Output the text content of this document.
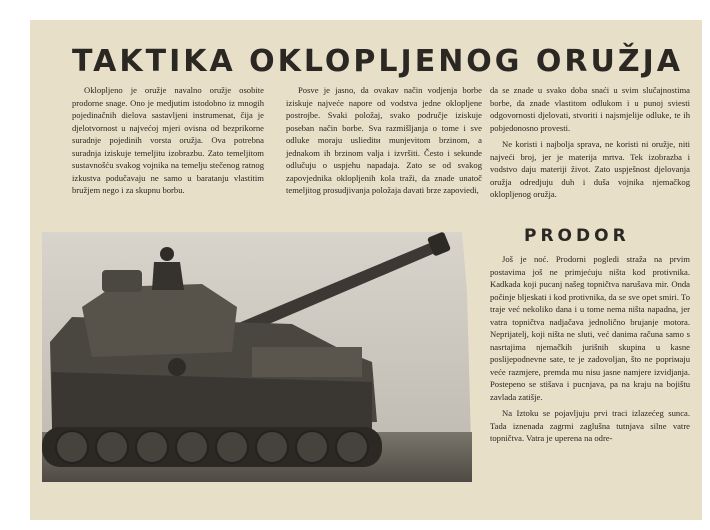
TAKTIKA OKLOPLJENOG ORUŽJA

Oklopljeno je oružje navalno oružje osobite prodorne snage. Ono je medjutim istodobno iz mnogih pojedinačnih dielova sastavljeni instrumenat, čija je djelotvornost u najvećoj mjeri ovisna od bezprikorne suradnje pojedinih vorsta oružja. Ova potrebna suradnja iziskuje temeljitu izobrazbu. Zato temeljitom sustavnošću svakog vojnika na temelju stečenog ratnog izkustva podučavaju ne samo u baratanju vlastitim bružjem nego i za skupnu borbu.

Posve je jasno, da ovakav način vodjenja borbe iziskuje najveće napore od vodstva jedne oklopljene postrojbe. Svaki položaj, svako područje iziskuje poseban način borbe. Sva razmišljanja o tome i sve odluke moraju uslieditи munjevitom brzinom, a jednakom ih brzinom valja i izvršiti. Često i sekunde odlučuju o uspjehu napadaja. Zato se od svakog zapovjednika oklopljenih kola traži, da znade unatoč temeljitog prosudjivanja položaja davati brze zapoviedi,

da se znade u svako doba snaći u svim slučajnostima borbe, da znade vlastitom odlukom i u punoj sviesti odgovornosti djelovati, stvoriti i najsmjelije odluke, te ih pobjedonosno provesti.

Ne koristi i najbolja sprava, ne koristi ni oružje, niti najveći broj, jer je materija mrtva. Tek izobrazba i vodstvo daju materiji život. Zato uspješnost djelovanja oružja odredjuju duh i duša vojnika njemačkog oklopljenog oružja.

PRODOR

Još je noć. Prodorni pogledi straža na prvim postavima još ne primjećuju ništa kod protivnika. Kadkada koji pucanj našeg topničtva narušava mir. Onda počinje bljeskati i kod protivnika, da se sve opet smiri. To traje već nekoliko dana i u tome nema ništa napadna, jer vatra topničtva nadjačava jednolično brujanje motora. Neprijatelj, koji ništa ne sluti, već danima računa samo s nasrtajima njemačkih jurišnih skupina u kasne poslijepodnevne sate, te je zadovoljan, što ne popriмaju veće razmjere, premda mu nisu jasne namjere izvidjanja. Postepeno se stišava i puсnjava, pa na kraju na bojištu zavlada zatišje.

Na Iztoku se pojavljuju prvi traci izlazećeg sunca. Tada iznenada zagrmi zaglušna tutnjava silne vatre topničtva. Vatra je uperena na odre-
